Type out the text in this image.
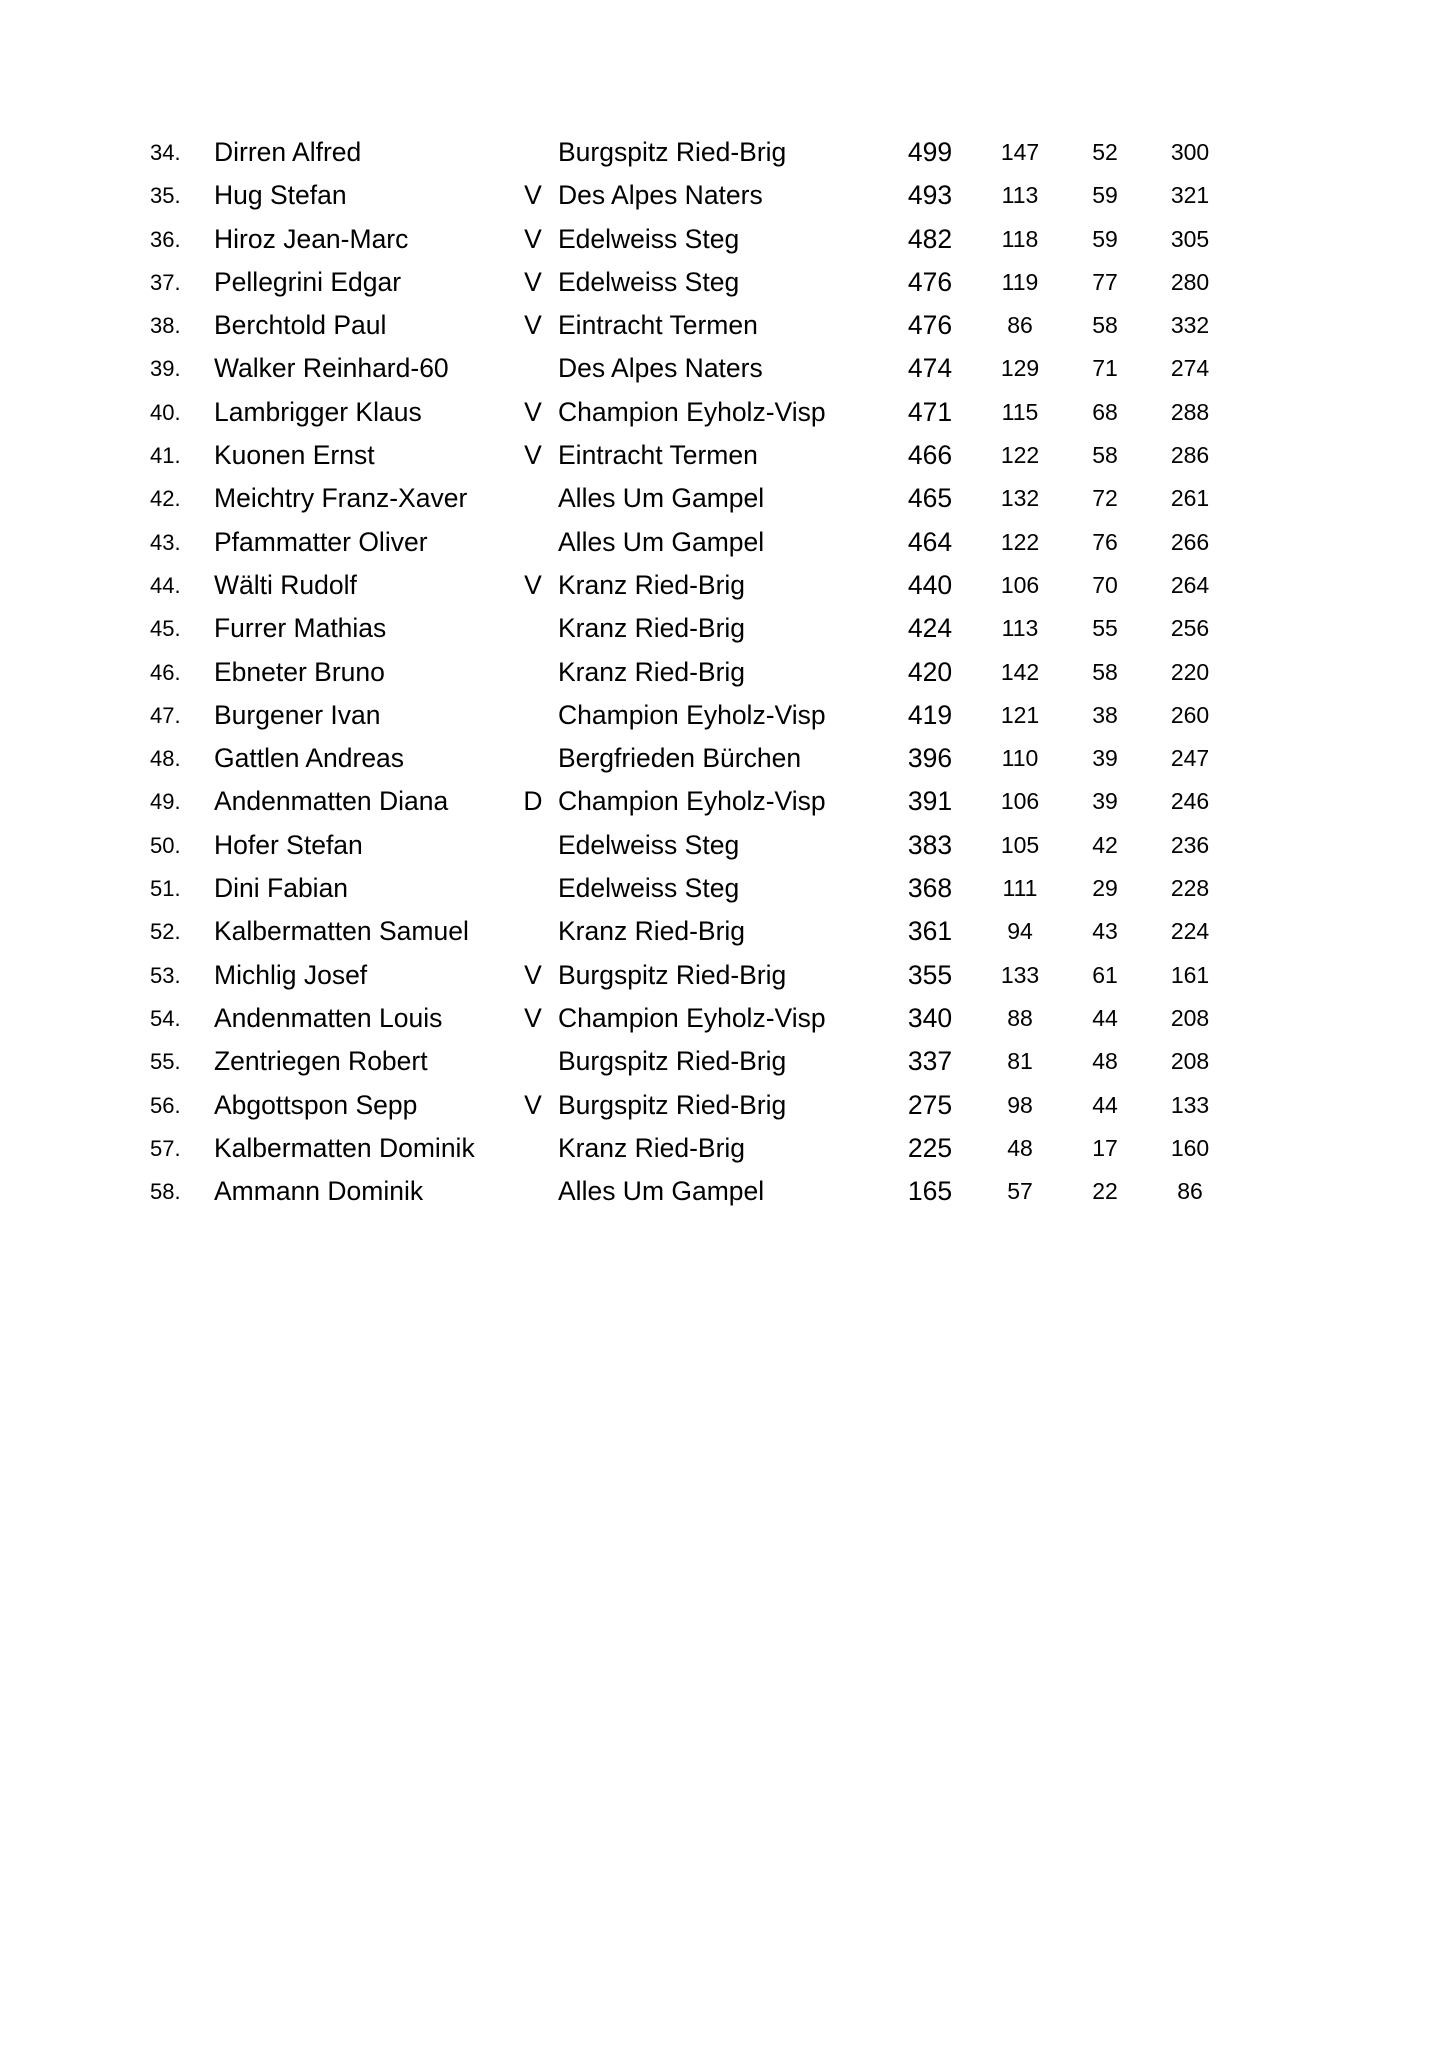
34. Dirren Alfred	Burgspitz Ried-Brig	499	147	52	300
35. Hug Stefan	V Des Alpes Naters	493	113	59	321
36. Hiroz Jean-Marc	V Edelweiss Steg	482	118	59	305
37. Pellegrini Edgar	V Edelweiss Steg	476	119	77	280
38. Berchtold Paul	V Eintracht Termen	476	86	58	332
39. Walker Reinhard-60	Des Alpes Naters	474	129	71	274
40. Lambrigger Klaus	V Champion Eyholz-Visp	471	115	68	288
41. Kuonen Ernst	V Eintracht Termen	466	122	58	286
42. Meichtry Franz-Xaver	Alles Um Gampel	465	132	72	261
43. Pfammatter Oliver	Alles Um Gampel	464	122	76	266
44. Wälti Rudolf	V Kranz Ried-Brig	440	106	70	264
45. Furrer Mathias	Kranz Ried-Brig	424	113	55	256
46. Ebneter Bruno	Kranz Ried-Brig	420	142	58	220
47. Burgener Ivan	Champion Eyholz-Visp	419	121	38	260
48. Gattlen Andreas	Bergfrieden Bürchen	396	110	39	247
49. Andenmatten Diana	D Champion Eyholz-Visp	391	106	39	246
50. Hofer Stefan	Edelweiss Steg	383	105	42	236
51. Dini Fabian	Edelweiss Steg	368	111	29	228
52. Kalbermatten Samuel	Kranz Ried-Brig	361	94	43	224
53. Michlig Josef	V Burgspitz Ried-Brig	355	133	61	161
54. Andenmatten Louis	V Champion Eyholz-Visp	340	88	44	208
55. Zentriegen Robert	Burgspitz Ried-Brig	337	81	48	208
56. Abgottspon Sepp	V Burgspitz Ried-Brig	275	98	44	133
57. Kalbermatten Dominik	Kranz Ried-Brig	225	48	17	160
58. Ammann Dominik	Alles Um Gampel	165	57	22	86
